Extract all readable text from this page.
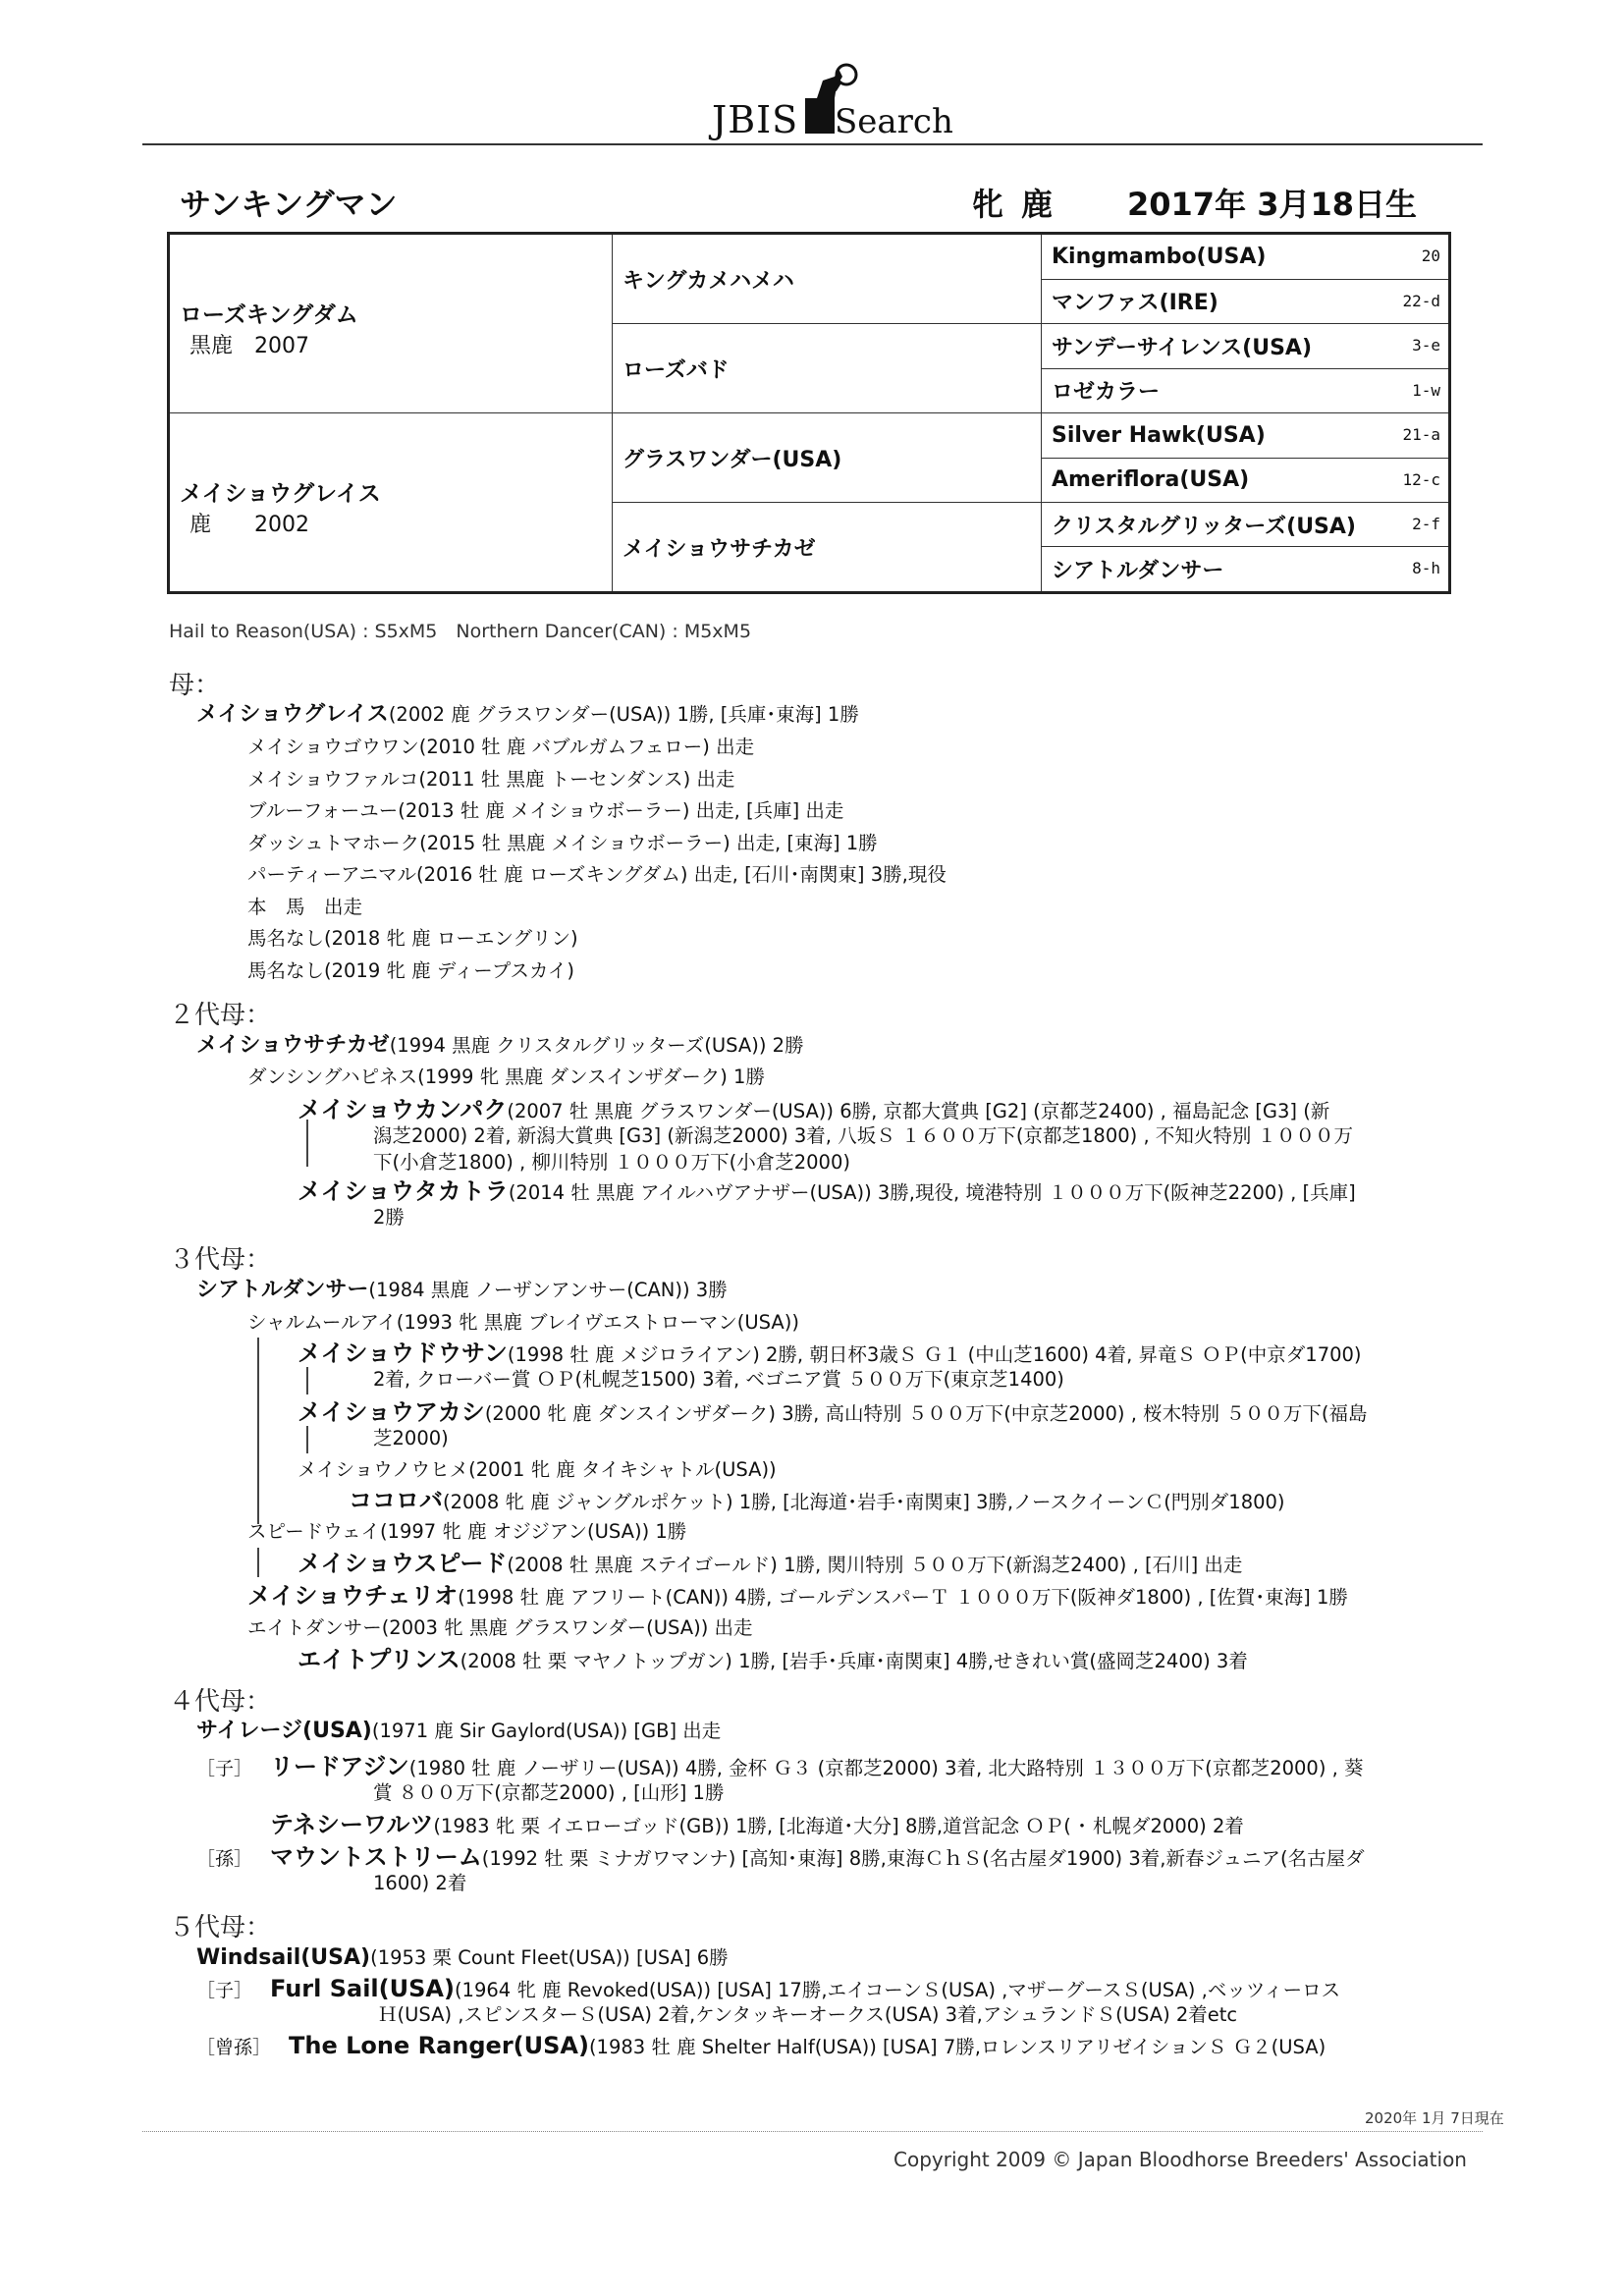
JBIS Search
サンキングマン	牝鹿 2017年 3月18日生
ローズキングダム
黒鹿　2007	キングカメハメハ	Kingmambo(USA) 20

		マンファス(IRE) 22-d

	ローズバド	サンデーサイレンス(USA) 3-e

		ロゼカラー 1-w

メイショウグレイス
鹿　　2002	グラスワンダー(USA)	Silver Hawk(USA) 21-a

		Ameriflora(USA) 12-c

	メイショウサチカゼ	クリスタルグリッターズ(USA) 2-f

		シアトルダンサー 8-h
Hail to Reason(USA) : S5xM5　Northern Dancer(CAN) : M5xM5
母：
メイショウグレイス(2002 鹿 グラスワンダー(USA)) 1勝, [兵庫･東海] 1勝
メイショウゴウワン(2010 牡 鹿 バブルガムフェロー) 出走
メイショウファルコ(2011 牡 黒鹿 トーセンダンス) 出走
ブルーフォーユー(2013 牡 鹿 メイショウボーラー) 出走, [兵庫] 出走
ダッシュトマホーク(2015 牡 黒鹿 メイショウボーラー) 出走, [東海] 1勝
パーティーアニマル(2016 牡 鹿 ローズキングダム) 出走, [石川･南関東] 3勝,現役
本　馬　出走
馬名なし(2018 牝 鹿 ローエングリン)
馬名なし(2019 牝 鹿 ディープスカイ)
２代母：
メイショウサチカゼ(1994 黒鹿 クリスタルグリッターズ(USA)) 2勝
ダンシングハピネス(1999 牝 黒鹿 ダンスインザダーク) 1勝
メイショウカンパク(2007 牡 黒鹿 グラスワンダー(USA)) 6勝, 京都大賞典 [G2] (京都芝2400) , 福島記念 [G3] (新
潟芝2000) 2着, 新潟大賞典 [G3] (新潟芝2000) 3着, 八坂Ｓ １６００万下(京都芝1800) , 不知火特別 １０００万
下(小倉芝1800) , 柳川特別 １０００万下(小倉芝2000)
メイショウタカトラ(2014 牡 黒鹿 アイルハヴアナザー(USA)) 3勝,現役, 境港特別 １０００万下(阪神芝2200) , [兵庫]
2勝
３代母：
シアトルダンサー(1984 黒鹿 ノーザンアンサー(CAN)) 3勝
シャルムールアイ(1993 牝 黒鹿 ブレイヴエストローマン(USA))
メイショウドウサン(1998 牡 鹿 メジロライアン) 2勝, 朝日杯3歳Ｓ Ｇ１ (中山芝1600) 4着, 昇竜Ｓ ＯＰ(中京ダ1700)
2着, クローバー賞 ＯＰ(札幌芝1500) 3着, ベゴニア賞 ５００万下(東京芝1400)
メイショウアカシ(2000 牝 鹿 ダンスインザダーク) 3勝, 高山特別 ５００万下(中京芝2000) , 桜木特別 ５００万下(福島
芝2000)
メイショウノウヒメ(2001 牝 鹿 タイキシャトル(USA))
ココロバ(2008 牝 鹿 ジャングルポケット) 1勝, [北海道･岩手･南関東] 3勝,ノースクイーンＣ(門別ダ1800)
スピードウェイ(1997 牝 鹿 オジジアン(USA)) 1勝
メイショウスピード(2008 牡 黒鹿 ステイゴールド) 1勝, 関川特別 ５００万下(新潟芝2400) , [石川] 出走
メイショウチェリオ(1998 牡 鹿 アフリート(CAN)) 4勝, ゴールデンスパーＴ １０００万下(阪神ダ1800) , [佐賀･東海] 1勝
エイトダンサー(2003 牝 黒鹿 グラスワンダー(USA)) 出走
エイトプリンス(2008 牡 栗 マヤノトップガン) 1勝, [岩手･兵庫･南関東] 4勝,せきれい賞(盛岡芝2400) 3着
４代母：
サイレージ(USA)(1971 鹿 Sir Gaylord(USA)) [GB] 出走
［子］ リードアジン(1980 牡 鹿 ノーザリー(USA)) 4勝, 金杯 Ｇ３ (京都芝2000) 3着, 北大路特別 １３００万下(京都芝2000) , 葵
賞 ８００万下(京都芝2000) , [山形] 1勝
テネシーワルツ(1983 牝 栗 イエローゴッド(GB)) 1勝, [北海道･大分] 8勝,道営記念 ＯＰ( ･ 札幌ダ2000) 2着
［孫］ マウントストリーム(1992 牡 栗 ミナガワマンナ) [高知･東海] 8勝,東海ＣｈＳ(名古屋ダ1900) 3着,新春ジュニア(名古屋ダ
1600) 2着
５代母：
Windsail(USA)(1953 栗 Count Fleet(USA)) [USA] 6勝
［子］ Furl Sail(USA)(1964 牝 鹿 Revoked(USA)) [USA] 17勝,エイコーンＳ(USA) ,マザーグースＳ(USA) ,ベッツィーロス
Ｈ(USA) ,スピンスターＳ(USA) 2着,ケンタッキーオークス(USA) 3着,アシュランドＳ(USA) 2着etc
［曾孫］ The Lone Ranger(USA)(1983 牡 鹿 Shelter Half(USA)) [USA] 7勝,ロレンスリアリゼイションＳ Ｇ２(USA)
2020年 1月 7日現在
Copyright 2009 © Japan Bloodhorse Breeders' Association
